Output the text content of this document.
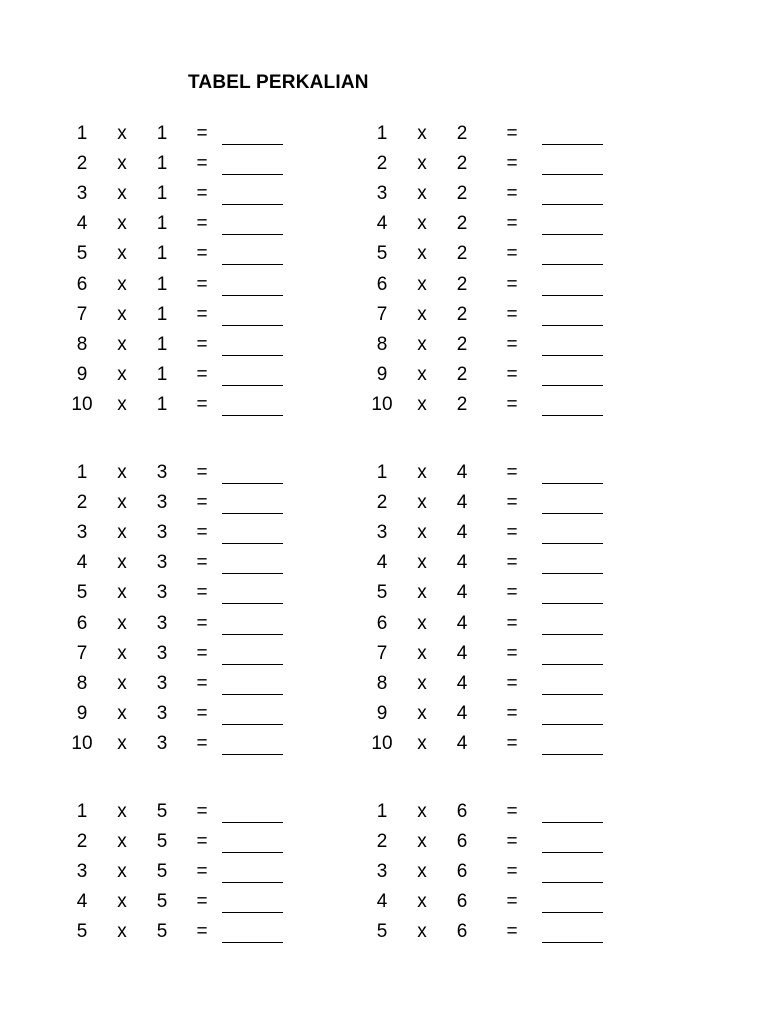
TABEL PERKALIAN
1	x	1	=
2	x	1	=
3	x	1	=
4	x	1	=
5	x	1	=
6	x	1	=
7	x	1	=
8	x	1	=
9	x	1	=
10	x	1	=
1	x	2	=
2	x	2	=
3	x	2	=
4	x	2	=
5	x	2	=
6	x	2	=
7	x	2	=
8	x	2	=
9	x	2	=
10	x	2	=
1	x	3	=
2	x	3	=
3	x	3	=
4	x	3	=
5	x	3	=
6	x	3	=
7	x	3	=
8	x	3	=
9	x	3	=
10	x	3	=
1	x	4	=
2	x	4	=
3	x	4	=
4	x	4	=
5	x	4	=
6	x	4	=
7	x	4	=
8	x	4	=
9	x	4	=
10	x	4	=
1	x	5	=
2	x	5	=
3	x	5	=
4	x	5	=
5	x	5	=
1	x	6	=
2	x	6	=
3	x	6	=
4	x	6	=
5	x	6	=
